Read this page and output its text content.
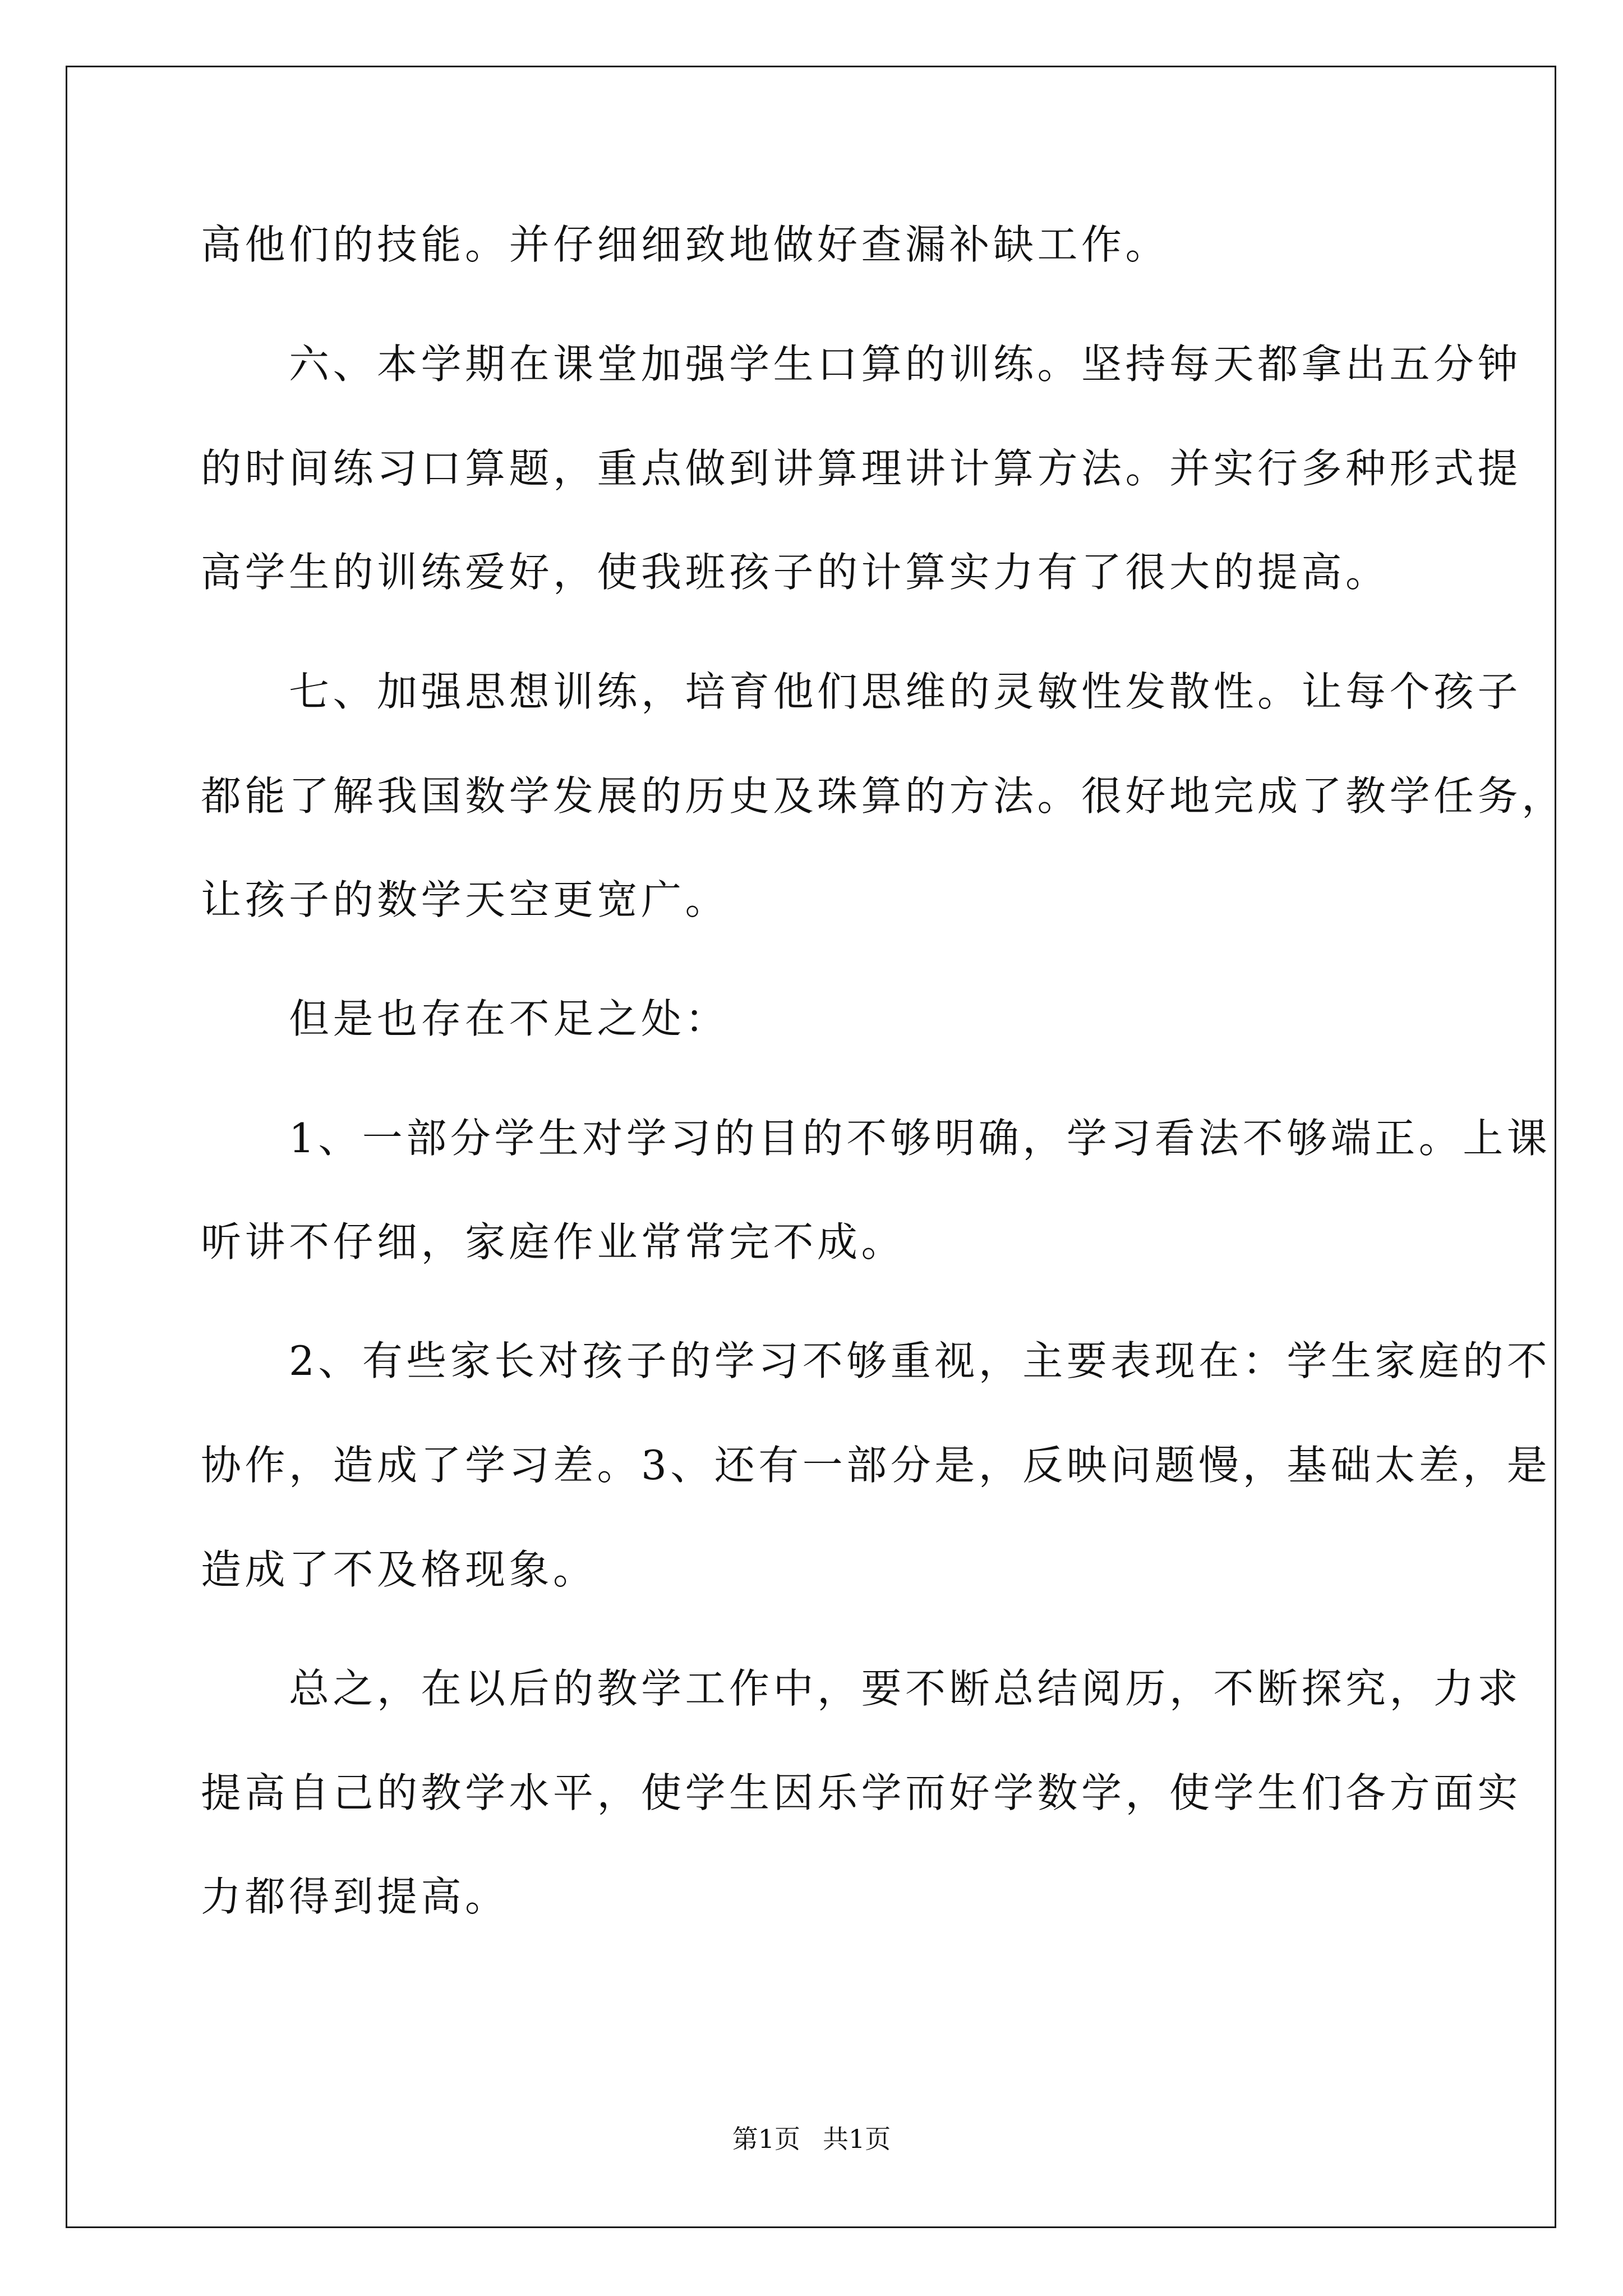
高他们的技能。并仔细细致地做好查漏补缺工作。
　　六、本学期在课堂加强学生口算的训练。坚持每天都拿出五分钟
的时间练习口算题，重点做到讲算理讲计算方法。并实行多种形式提
高学生的训练爱好，使我班孩子的计算实力有了很大的提高。
　　七、加强思想训练，培育他们思维的灵敏性发散性。让每个孩子
都能了解我国数学发展的历史及珠算的方法。很好地完成了教学任务，
让孩子的数学天空更宽广。
　　但是也存在不足之处：
　　1、一部分学生对学习的目的不够明确，学习看法不够端正。上课
听讲不仔细，家庭作业常常完不成。
　　2、有些家长对孩子的学习不够重视，主要表现在：学生家庭的不
协作，造成了学习差。3、还有一部分是，反映问题慢，基础太差，是
造成了不及格现象。
　　总之，在以后的教学工作中，要不断总结阅历，不断探究，力求
提高自己的教学水平，使学生因乐学而好学数学，使学生们各方面实
力都得到提高。
第1页 共1页
